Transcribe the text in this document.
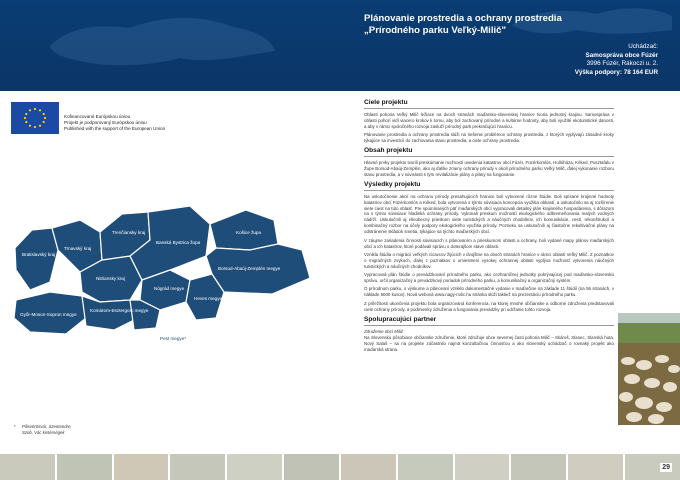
Plánovanie prostredia a ochrany prostredia
„Prírodného parku Veľký-Milič"
Uchádzač:
Samospráva obce Fúzér
3996 Fúzér, Rákoczi u. 2.
Výška podpory: 78 164 EUR
Kofinancované Európskou úniou
Projekt je podporovaný Európskou úniou
Published with the support of the European Union
Bratislavský kraj
Trnavský kraj
Nitriansky kraj
Trenčiansky kraj
Banská Bystrica župa
Nógrád megye
Heves megye
Košice župa
Borsod-Abaúj-Zemplén megye
Győr-Moson-Sopron megye
Komárom-Esztergom megye
Pest megye*
* Pilisvörösvár, Szentendre,
Szob, Vác kistérségek
Ciele projektu
Oblasti pohoria Veľký Milič ležiace na dvoch stranách maďarsko-slovenskej hranice tvoria jednotný krajinu. Samospráva v oblasti pohorí vidí viacero krokov k tomu, aby bol zachovaný prírodné a kultúrne hodnoty, aby boli využité ekoturistické danosti, a aby v rámci spoločného rozvoja zasluží prírodný park prekračujúci hranicu.
Plánovanie prostredia a ochrany prostredia slúži na riešenie problémov ochrany prostredia, z ktorých vyplývajú zásadné kroky týkajúce sa investícií do zachovania stavu prostredia, a ciele ochrany prostredia.
Obsah projektu
Hlavné prvky projektu tvorili preskúmanie možností uvedenia katastrov obcí Fúzér, Füzérkomlós, Hollóháza, Kéked, Pusztafalu v Župe Borsod-Abaúj-Zemplén, ako aj ďalšie zmeny ochrany prírody v okolí prírodného parku Veľký Milič, ďalej vykonanie rozboru stavu prostredia, a v súvislosti s tým revitalizácie plány a plány na fungovanie.
Výsledky projektu
Na uskutočnenie akcií na ochranu prírody presahujúcich hranice boli vytvorené rôzne štúdie. Boli spísané krajinné hodnoty katastrov obcí Füzérkomlós a Kéked, bola vytvorená s týmto súvisiaca koncepcia využitia obkastí, a uskutočnilo sa aj rozšírenie siete ciest na túto oblasť. Pre spomínaných päť maďarských obcí vypracovali detailný plán krajinného hospodárenia, s dôrazom na s týmto súvisiace hladiská ochrany prírody. Vykonali preskum možností ekologického odbremeňovania malých vodných nádrží. Uskutočnili aj všeobecný prieskum siete turistických a náučných chodníkov, ich komunikácie, cestí, rekonštrukcií a kombinačný rozbor na účely podpory ekologického využitia prírody. Pozrieku sa uskutočnili aj čiastočne rekultivačné plány na odstránenie skládok smetia, týkajúce sa týchto maďarských obcí.
V záujme zariadenia činnosti súvisiacich s plánovaním a prieskumom oblasti a ochrany, boli vydané mapy plánov maďarských obcí a ich katastrov, ktoré podávali správu o doterajšom stave oblasti.
Vznikla štúdia o migrácii veľkých cicavcov žijúcich v dvojštne na oboch stranách hranice v rámci oblasti Veľký Milič. Z poznatkov o migračných zvykoch, ďalej z poznatkov o umiestnení vysokej ochrannej oblasti vyplýva možnosť vytvorenia náučných turistických a náučných chodníkov.
Vypracovali plán štúdie o prevádzkovaní prírodného parku, ako cezhraničnej jednotky pokrývajúcej pod maďarsko-slovenskú správu, určil organizačný a prevádzkový poriadok prírodného parku, a komunikačný a organizačný systém.
O prírodnom parku, o výskume a plánovaní vzniklo dokumentačné vydanie v maďarčine na základe 11 štúdií (na 56 stranách, v náklade 5000 kusov). Nová webová www.nagy-milic.hu stránka slúži taktiež na prezentáciu prírodného parku.
Z príležitosti ukončenia projektu bola organizovaná konferencia, na ktorej mnohé občianske a odborné združenia predstavovali ciele ochrany prírody, a podmienky združenia a fungovania prevádzky pri udržanie tohto rozvoja.
Spolupracujúci partner
Združenie obcí Milič
Na Slovensku pôsobiace občianske združenie, ktoré združuje obce severnej časti pohoria Milič – Skároš, Slanec, Slanská huta, Nový Salaš – sa na projekte zúčastnilo najmä konzultačnou činnosťou a ako slovenský uchádzač o rovnaký projekt ako maďarská strana.
29
